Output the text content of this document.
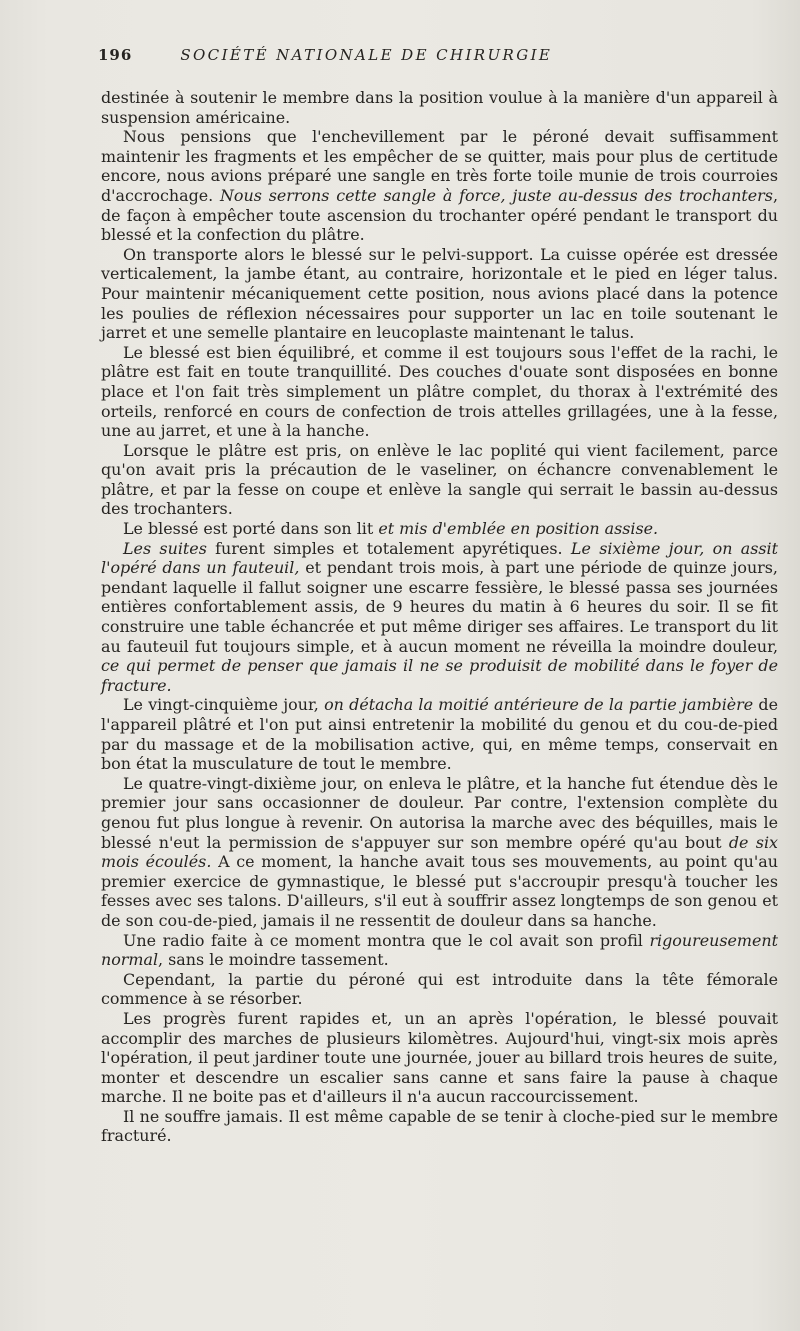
196	SOCIÉTÉ NATIONALE DE CHIRURGIE

destinée à soutenir le membre dans la position voulue à la manière d'un appareil à suspension américaine.

Nous pensions que l'enchevillement par le péroné devait suffisamment maintenir les fragments et les empêcher de se quitter, mais pour plus de certitude encore, nous avions préparé une sangle en très forte toile munie de trois courroies d'accrochage. Nous serrons cette sangle à force, juste au-dessus des trochanters, de façon à empêcher toute ascension du trochanter opéré pendant le transport du blessé et la confection du plâtre.

On transporte alors le blessé sur le pelvi-support. La cuisse opérée est dressée verticalement, la jambe étant, au contraire, horizontale et le pied en léger talus. Pour maintenir mécaniquement cette position, nous avions placé dans la potence les poulies de réflexion nécessaires pour supporter un lac en toile soutenant le jarret et une semelle plantaire en leucoplaste maintenant le talus.

Le blessé est bien équilibré, et comme il est toujours sous l'effet de la rachi, le plâtre est fait en toute tranquillité. Des couches d'ouate sont disposées en bonne place et l'on fait très simplement un plâtre complet, du thorax à l'extrémité des orteils, renforcé en cours de confection de trois attelles grillagées, une à la fesse, une au jarret, et une à la hanche.

Lorsque le plâtre est pris, on enlève le lac poplité qui vient facilement, parce qu'on avait pris la précaution de le vaseliner, on échancre convenablement le plâtre, et par la fesse on coupe et enlève la sangle qui serrait le bassin au-dessus des trochanters.

Le blessé est porté dans son lit et mis d'emblée en position assise.

Les suites furent simples et totalement apyrétiques. Le sixième jour, on assit l'opéré dans un fauteuil, et pendant trois mois, à part une période de quinze jours, pendant laquelle il fallut soigner une escarre fessière, le blessé passa ses journées entières confortablement assis, de 9 heures du matin à 6 heures du soir. Il se fit construire une table échancrée et put même diriger ses affaires. Le transport du lit au fauteuil fut toujours simple, et à aucun moment ne réveilla la moindre douleur, ce qui permet de penser que jamais il ne se produisit de mobilité dans le foyer de fracture.

Le vingt-cinquième jour, on détacha la moitié antérieure de la partie jambière de l'appareil plâtré et l'on put ainsi entretenir la mobilité du genou et du cou-de-pied par du massage et de la mobilisation active, qui, en même temps, conservait en bon état la musculature de tout le membre.

Le quatre-vingt-dixième jour, on enleva le plâtre, et la hanche fut étendue dès le premier jour sans occasionner de douleur. Par contre, l'extension complète du genou fut plus longue à revenir. On autorisa la marche avec des béquilles, mais le blessé n'eut la permission de s'appuyer sur son membre opéré qu'au bout de six mois écoulés. A ce moment, la hanche avait tous ses mouvements, au point qu'au premier exercice de gymnastique, le blessé put s'accroupir presqu'à toucher les fesses avec ses talons. D'ailleurs, s'il eut à souffrir assez longtemps de son genou et de son cou-de-pied, jamais il ne ressentit de douleur dans sa hanche.

Une radio faite à ce moment montra que le col avait son profil rigoureusement normal, sans le moindre tassement.

Cependant, la partie du péroné qui est introduite dans la tête fémorale commence à se résorber.

Les progrès furent rapides et, un an après l'opération, le blessé pouvait accomplir des marches de plusieurs kilomètres. Aujourd'hui, vingt-six mois après l'opération, il peut jardiner toute une journée, jouer au billard trois heures de suite, monter et descendre un escalier sans canne et sans faire la pause à chaque marche. Il ne boite pas et d'ailleurs il n'a aucun raccourcissement.

Il ne souffre jamais. Il est même capable de se tenir à cloche-pied sur le membre fracturé.
